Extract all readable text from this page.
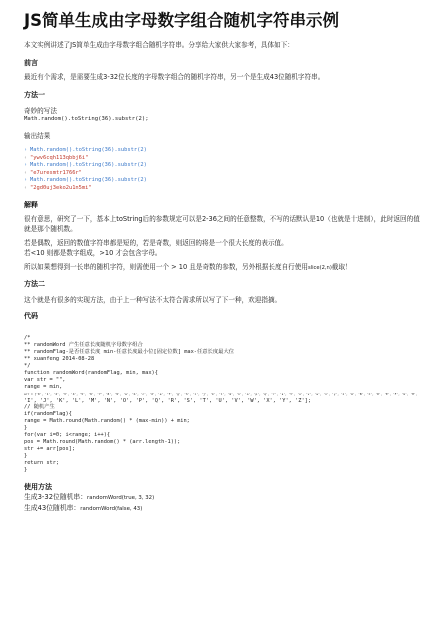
JS简单生成由字母数字组合随机字符串示例

本文实例讲述了JS简单生成由字母数字组合随机字符串。分享给大家供大家参考，具体如下：

前言

最近有个需求，是需要生成3-32位长度的字母数字组合的随机字符串，另一个是生成43位随机字符串。

方法一

奇妙的写法

Math.random().toString(36).substr(2);

输出结果

› Math.random().toString(36).substr(2)
‹ "ywv6cqh113qbbj6i"
› Math.random().toString(36).substr(2)
‹ "e7uresmtr1766r"
› Math.random().toString(36).substr(2)
‹ "2gd0uj3eko2u1n5mi"

解释

很有意思，研究了一下，基本上toString后的参数规定可以是2-36之间的任意整数，不写的话默认是10（也就是十进制），此时返回的值就是那个随机数。

若是偶数，返回的数值字符串都是短的，若是奇数，则返回的将是一个很大长度的表示值。

若<10 则都是数字组成，>10 才会包含字母。

所以如果想得到一长串的随机字符，则需使用一个 > 10 且是奇数的参数，另外根据长度自行使用slice(2,n)截取！

方法二

这个就是有很多的实现方法，由于上一种写法不太符合需求所以写了下一种，欢迎指摘。

代码

/*
** randomWord 产生任意长度随机字母数字组合
** randomFlag-是否任意长度 min-任意长度最小位[固定位数] max-任意长度最大位
** xuanfeng 2014-08-28
*/
function randomWord(randomFlag, min, max){
var str = "",
range = min,
arr = ['0', '1', '2', '3', '4', '5', '6', '7', '8', '9', 'a', 'b', 'c', 'd', 'e', 'f', 'g', 'h', 'i', 'j', 'k', 'l', 'm', 'n', 'o', 'p', 'q', 'r', 's', 't', 'u', 'v', 'w', 'x', 'y', 'z', 'A', 'B', 'C', 'D', 'E', 'F', 'G', 'H',
'I', 'J', 'K', 'L', 'M', 'N', 'O', 'P', 'Q', 'R', 'S', 'T', 'U', 'V', 'W', 'X', 'Y', 'Z'];
// 随机产生
if(randomFlag){
range = Math.round(Math.random() * (max-min)) + min;
}
for(var i=0; i<range; i++){
pos = Math.round(Math.random() * (arr.length-1));
str += arr[pos];
}
return str;
}

使用方法

生成3-32位随机串：randomWord(true, 3, 32)

生成43位随机串：randomWord(false, 43)
